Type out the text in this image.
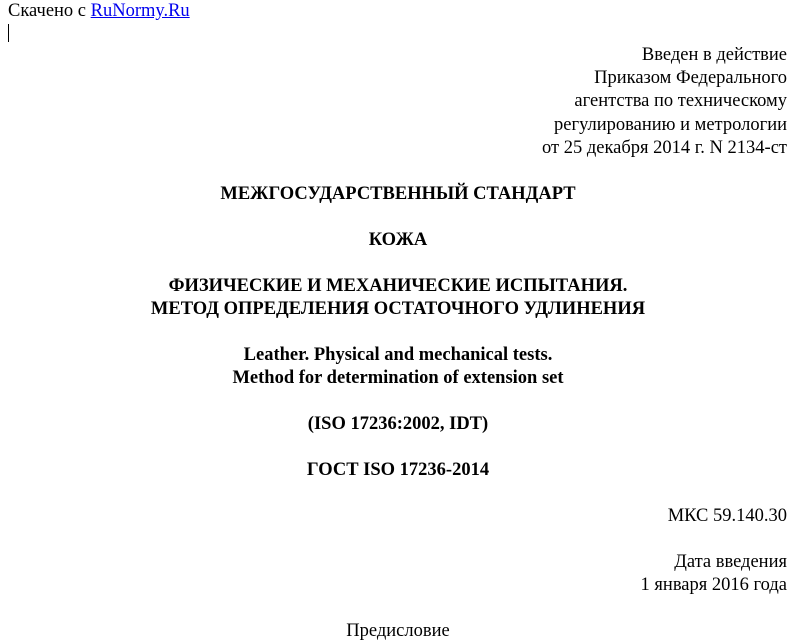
Скачено с RuNormy.Ru
Введен в действие
Приказом Федерального
агентства по техническому
регулированию и метрологии
от 25 декабря 2014 г. N 2134-ст
МЕЖГОСУДАРСТВЕННЫЙ СТАНДАРТ
КОЖА
ФИЗИЧЕСКИЕ И МЕХАНИЧЕСКИЕ ИСПЫТАНИЯ.
МЕТОД ОПРЕДЕЛЕНИЯ ОСТАТОЧНОГО УДЛИНЕНИЯ
Leather. Physical and mechanical tests.
Method for determination of extension set
(ISO 17236:2002, IDT)
ГОСТ ISO 17236-2014
МКС 59.140.30
Дата введения
1 января 2016 года
Предисловие
